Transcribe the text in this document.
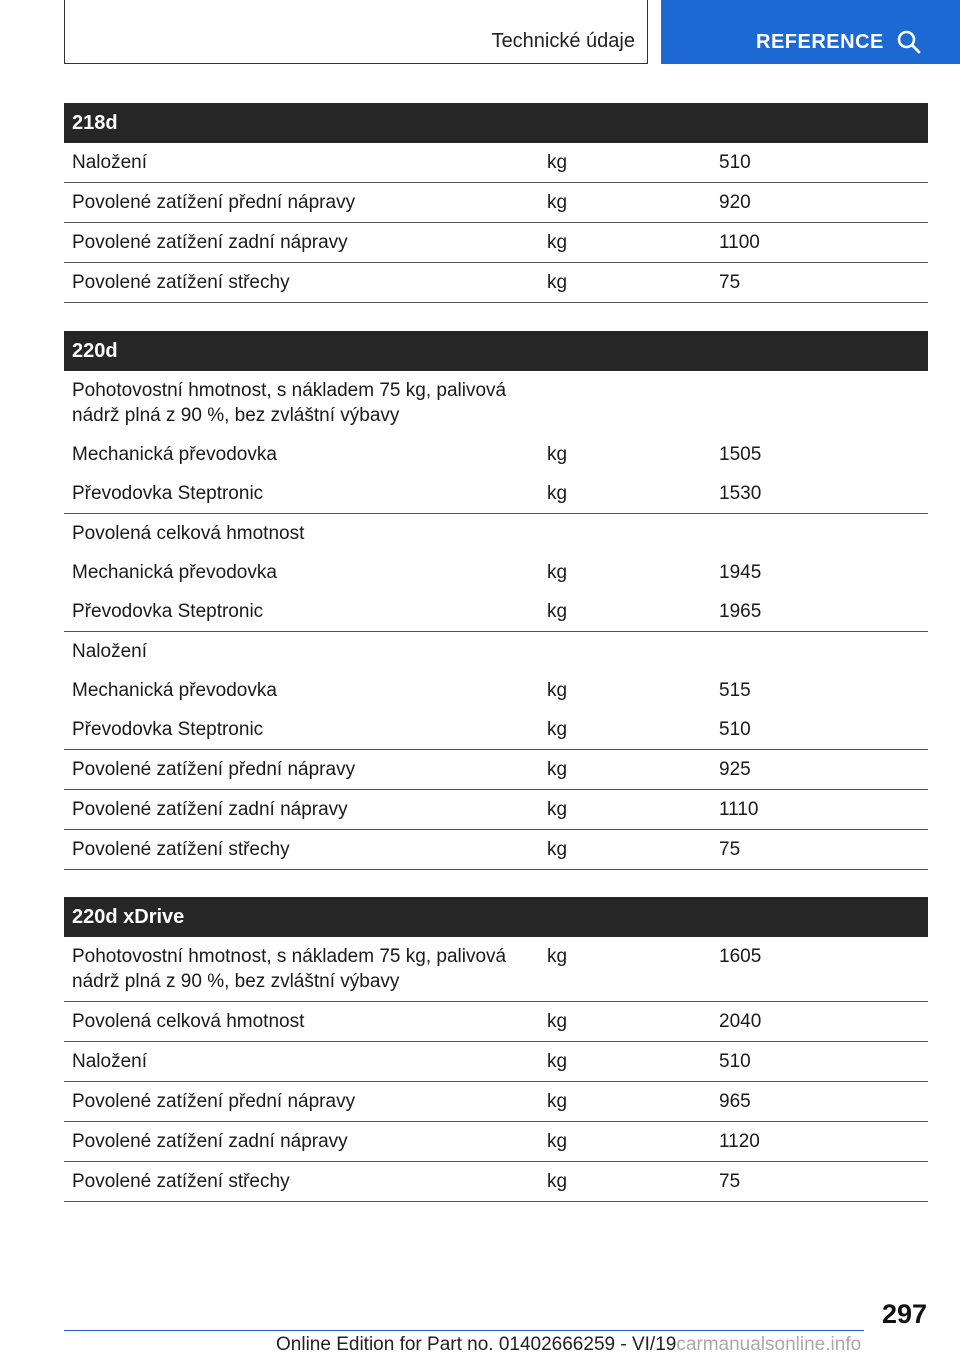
Technické údaje	REFERENCE
218d		
Naložení	kg	510
Povolené zatížení přední nápravy	kg	920
Povolené zatížení zadní nápravy	kg	1100
Povolené zatížení střechy	kg	75
220d		
Pohotovostní hmotnost, s nákladem 75 kg, palivová nádrž plná z 90 %, bez zvláštní výbavy		
Mechanická převodovka	kg	1505
Převodovka Steptronic	kg	1530
Povolená celková hmotnost		
Mechanická převodovka	kg	1945
Převodovka Steptronic	kg	1965
Naložení		
Mechanická převodovka	kg	515
Převodovka Steptronic	kg	510
Povolené zatížení přední nápravy	kg	925
Povolené zatížení zadní nápravy	kg	1110
Povolené zatížení střechy	kg	75
220d xDrive		
Pohotovostní hmotnost, s nákladem 75 kg, palivová nádrž plná z 90 %, bez zvláštní výbavy	kg	1605
Povolená celková hmotnost	kg	2040
Naložení	kg	510
Povolené zatížení přední nápravy	kg	965
Povolené zatížení zadní nápravy	kg	1120
Povolené zatížení střechy	kg	75
297
Online Edition for Part no. 01402666259 - VI/19carmanualsonline.info
